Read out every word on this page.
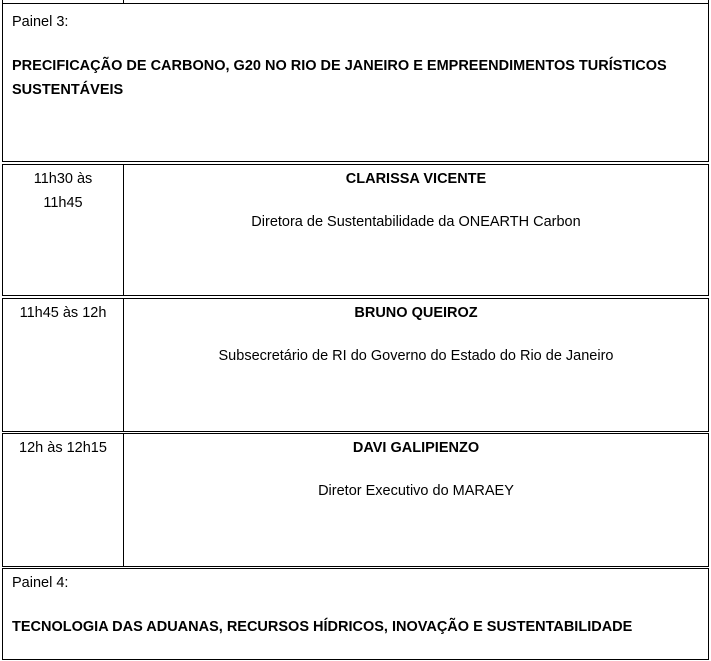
Painel 3:
PRECIFICAÇÃO DE CARBONO, G20 NO RIO DE JANEIRO E EMPREENDIMENTOS TURÍSTICOS
SUSTENTÁVEIS
11h30 às
11h45
CLARISSA VICENTE
Diretora de Sustentabilidade da ONEARTH Carbon
11h45 às 12h	BRUNO QUEIROZ
Subsecretário de RI do Governo do Estado do Rio de Janeiro
12h às 12h15	DAVI GALIPIENZO
Diretor Executivo do MARAEY
Painel 4:
TECNOLOGIA DAS ADUANAS, RECURSOS HÍDRICOS, INOVAÇÃO E SUSTENTABILIDADE
